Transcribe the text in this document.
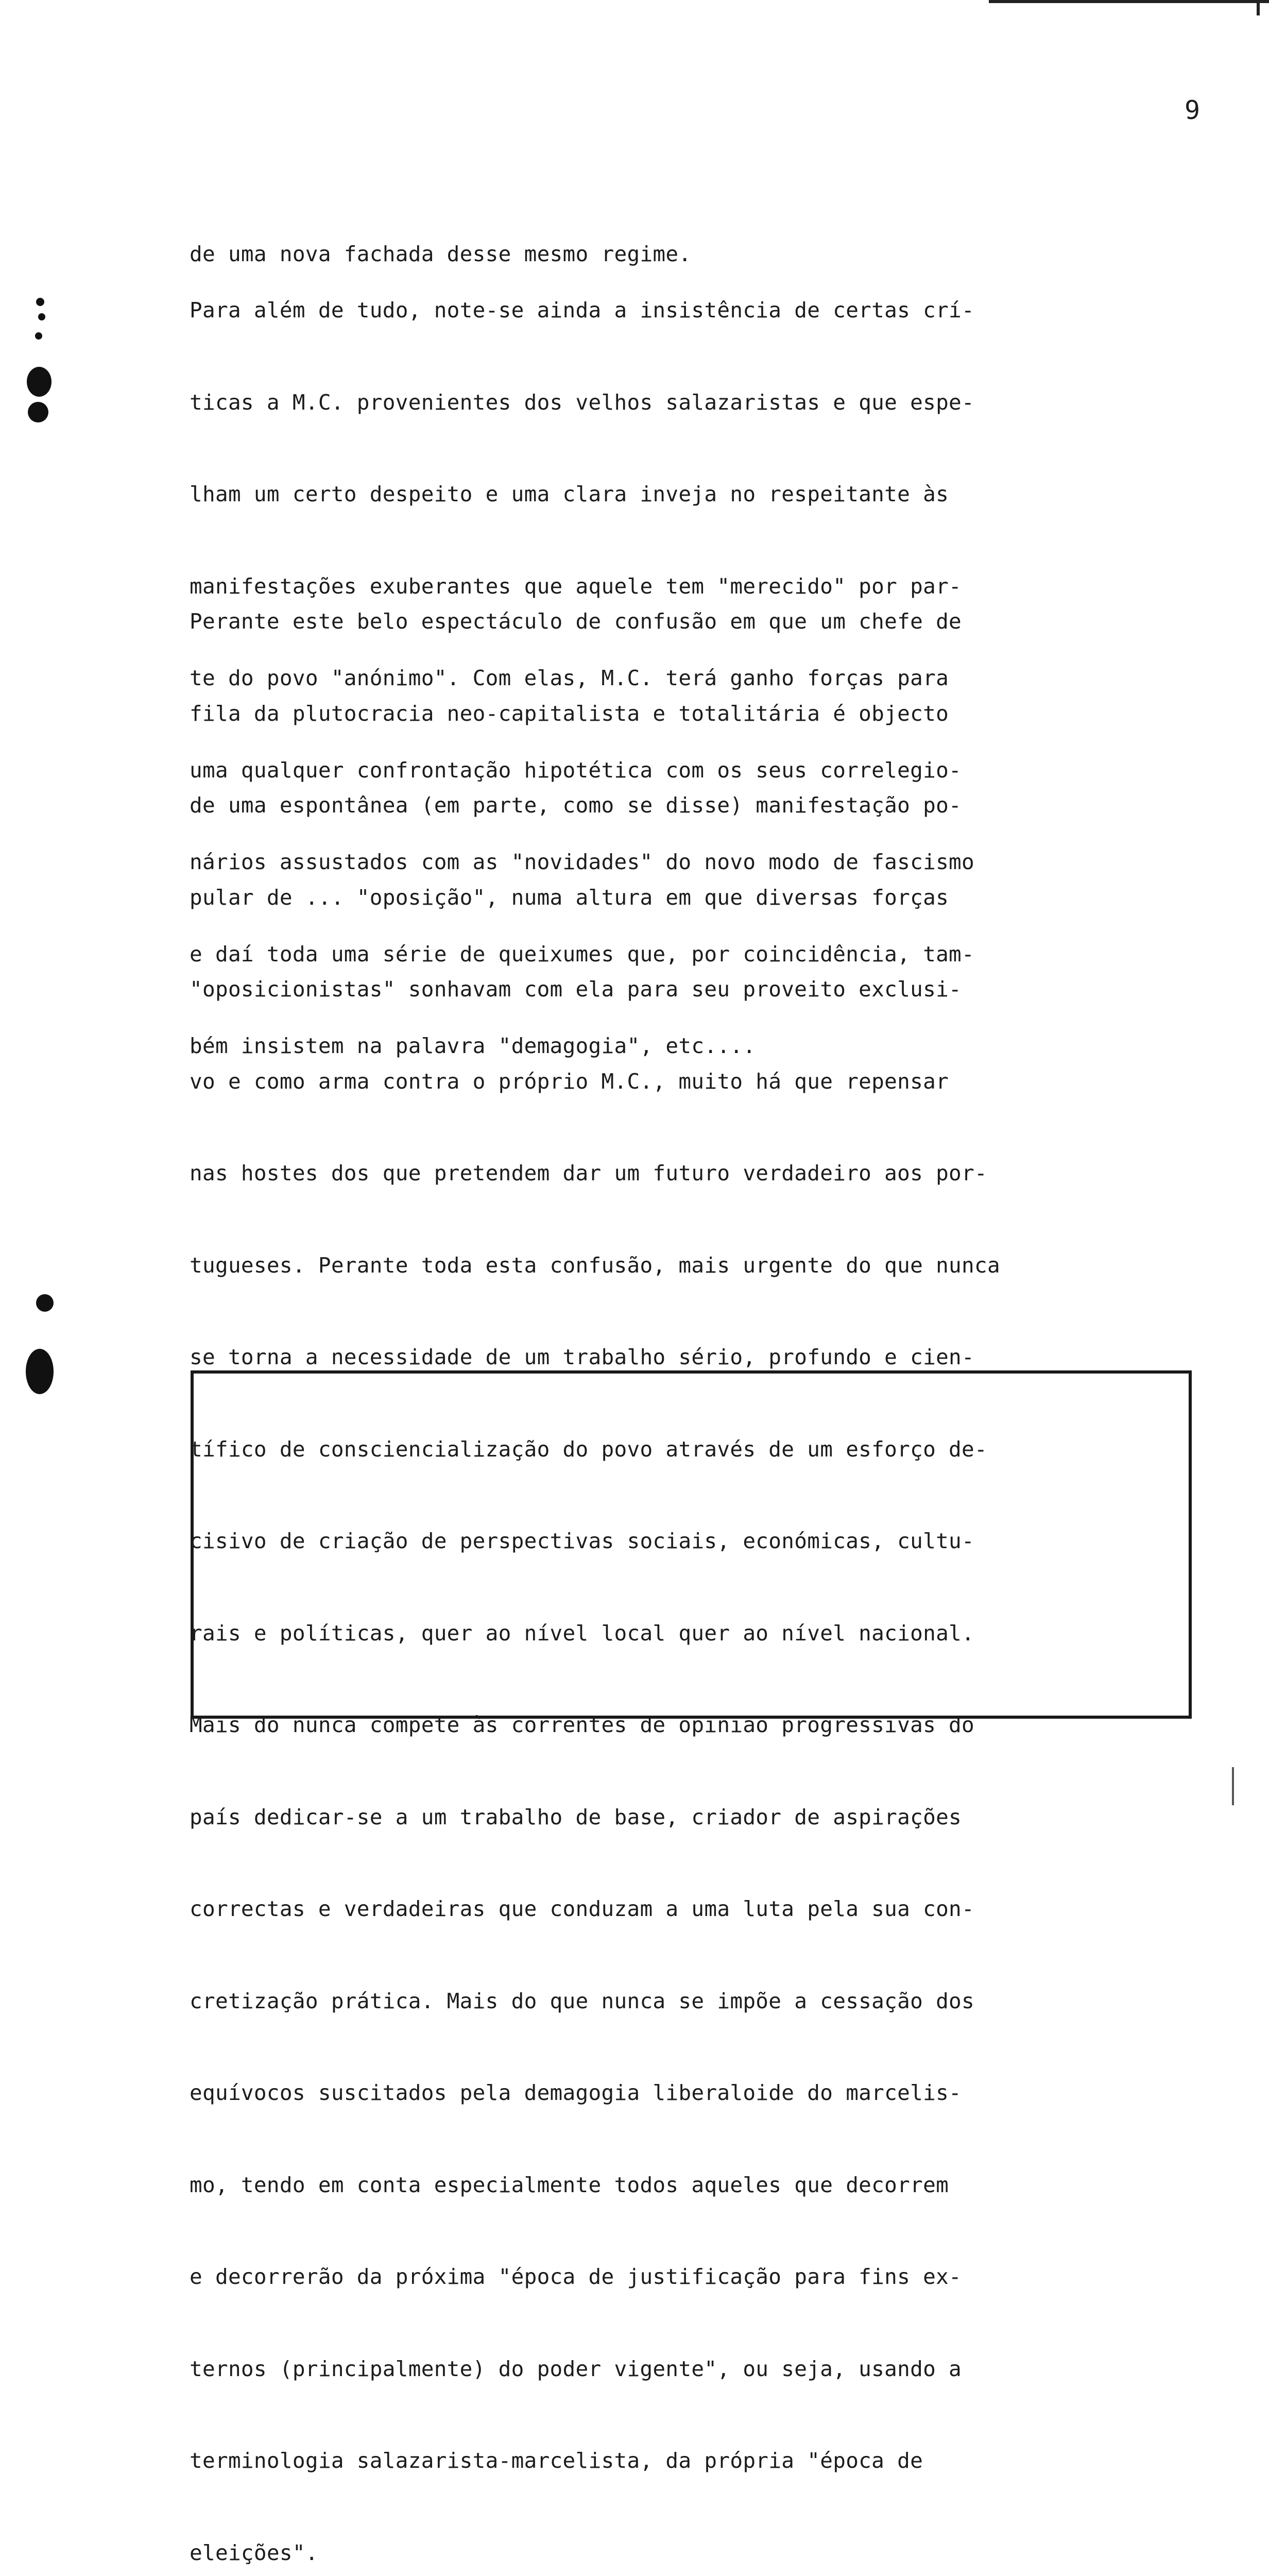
9

de uma nova fachada desse mesmo regime.

Para além de tudo, note-se ainda a insistência de certas crí-

ticas a M.C. provenientes dos velhos salazaristas e que espe-

lham um certo despeito e uma clara inveja no respeitante às

manifestações exuberantes que aquele tem "merecido" por par-

te do povo "anónimo". Com elas, M.C. terá ganho forças para

uma qualquer confrontação hipotética com os seus correlegio-

nários assustados com as "novidades" do novo modo de fascismo

e daí toda uma série de queixumes que, por coincidência, tam-

bém insistem na palavra "demagogia", etc....

Perante este belo espectáculo de confusão em que um chefe de

fila da plutocracia neo-capitalista e totalitária é objecto

de uma espontânea (em parte, como se disse) manifestação po-

pular de ... "oposição", numa altura em que diversas forças

"oposicionistas" sonhavam com ela para seu proveito exclusi-

vo e como arma contra o próprio M.C., muito há que repensar

nas hostes dos que pretendem dar um futuro verdadeiro aos por-

tugueses. Perante toda esta confusão, mais urgente do que nunca

se torna a necessidade de um trabalho sério, profundo e cien-

tífico de consciencialização do povo através de um esforço de-

cisivo de criação de perspectivas sociais, económicas, cultu-

rais e políticas, quer ao nível local quer ao nível nacional.

Mais do nunca compete às correntes de opinião progressivas do

país dedicar-se a um trabalho de base, criador de aspirações

correctas e verdadeiras que conduzam a uma luta pela sua con-

cretização prática. Mais do que nunca se impõe a cessação dos

equívocos suscitados pela demagogia liberaloide do marcelis-

mo, tendo em conta especialmente todos aqueles que decorrem

e decorrerão da próxima "época de justificação para fins ex-

ternos (principalmente) do poder vigente", ou seja, usando a

terminologia salazarista-marcelista, da própria "época de

eleições".
